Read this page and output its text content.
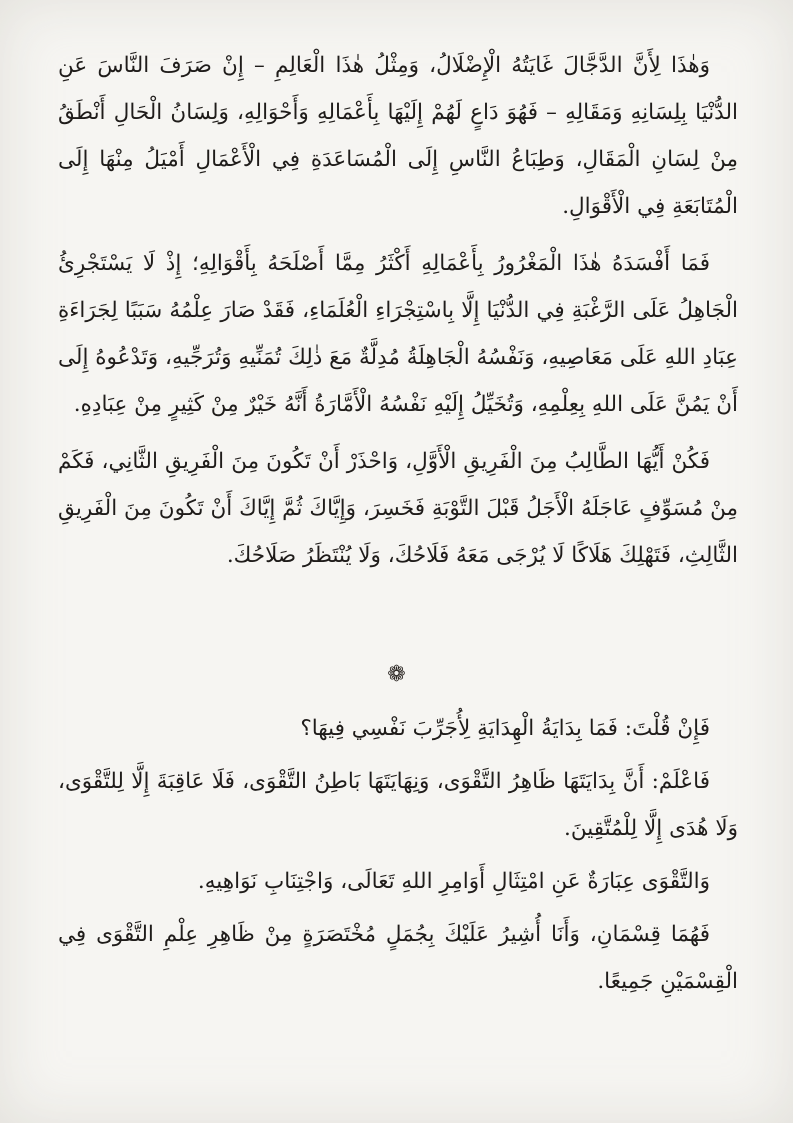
وَهٰذَا لِأَنَّ الدَّجَّالَ غَايَتُهُ الْإِضْلَالُ، وَمِثْلُ هٰذَا الْعَالِمِ – إِنْ صَرَفَ النَّاسَ عَنِ الدُّنْيَا بِلِسَانِهِ وَمَقَالِهِ – فَهُوَ دَاعٍ لَهُمْ إِلَيْهَا بِأَعْمَالِهِ وَأَحْوَالِهِ، وَلِسَانُ الْحَالِ أَنْطَقُ مِنْ لِسَانِ الْمَقَالِ، وَطِبَاعُ النَّاسِ إِلَى الْمُسَاعَدَةِ فِي الْأَعْمَالِ أَمْيَلُ مِنْهَا إِلَى الْمُتَابَعَةِ فِي الْأَقْوَالِ.

فَمَا أَفْسَدَهُ هٰذَا الْمَغْرُورُ بِأَعْمَالِهِ أَكْثَرُ مِمَّا أَصْلَحَهُ بِأَقْوَالِهِ؛ إِذْ لَا يَسْتَجْرِئُ الْجَاهِلُ عَلَى الرَّغْبَةِ فِي الدُّنْيَا إِلَّا بِاسْتِجْرَاءِ الْعُلَمَاءِ، فَقَدْ صَارَ عِلْمُهُ سَبَبًا لِجَرَاءَةِ عِبَادِ اللهِ عَلَى مَعَاصِيهِ، وَنَفْسُهُ الْجَاهِلَةُ مُدِلَّةٌ مَعَ ذٰلِكَ تُمَنِّيهِ وَتُرَجِّيهِ، وَتَدْعُوهُ إِلَى أَنْ يَمُنَّ عَلَى اللهِ بِعِلْمِهِ، وَتُخَيِّلُ إِلَيْهِ نَفْسُهُ الْأَمَّارَةُ أَنَّهُ خَيْرٌ مِنْ كَثِيرٍ مِنْ عِبَادِهِ.

فَكُنْ أَيُّهَا الطَّالِبُ مِنَ الْفَرِيقِ الْأَوَّلِ، وَاحْذَرْ أَنْ تَكُونَ مِنَ الْفَرِيقِ الثَّانِي، فَكَمْ مِنْ مُسَوِّفٍ عَاجَلَهُ الْأَجَلُ قَبْلَ التَّوْبَةِ فَخَسِرَ، وَإِيَّاكَ ثُمَّ إِيَّاكَ أَنْ تَكُونَ مِنَ الْفَرِيقِ الثَّالِثِ، فَتَهْلِكَ هَلَاكًا لَا يُرْجَى مَعَهُ فَلَاحُكَ، وَلَا يُنْتَظَرُ صَلَاحُكَ.

❁

فَإِنْ قُلْتَ: فَمَا بِدَايَةُ الْهِدَايَةِ لِأُجَرِّبَ نَفْسِي فِيهَا؟

فَاعْلَمْ: أَنَّ بِدَايَتَهَا ظَاهِرُ التَّقْوَى، وَنِهَايَتَهَا بَاطِنُ التَّقْوَى، فَلَا عَاقِبَةَ إِلَّا لِلتَّقْوَى، وَلَا هُدَى إِلَّا لِلْمُتَّقِينَ.

وَالتَّقْوَى عِبَارَةٌ عَنِ امْتِثَالِ أَوَامِرِ اللهِ تَعَالَى، وَاجْتِنَابِ نَوَاهِيهِ.

فَهُمَا قِسْمَانِ، وَأَنَا أُشِيرُ عَلَيْكَ بِجُمَلٍ مُخْتَصَرَةٍ مِنْ ظَاهِرِ عِلْمِ التَّقْوَى فِي الْقِسْمَيْنِ جَمِيعًا.
